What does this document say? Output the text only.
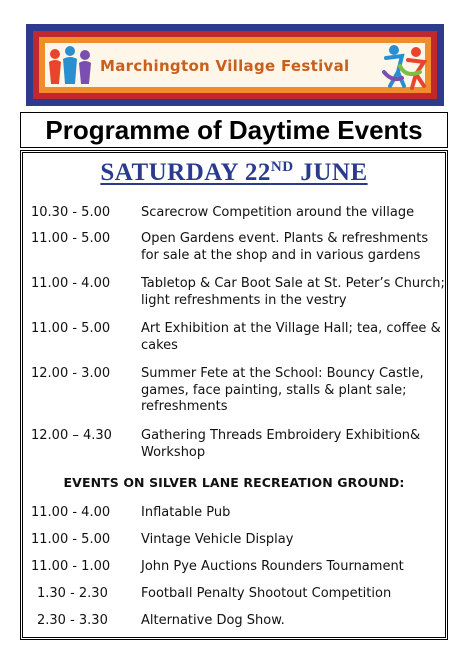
Marchington Village Festival
Programme of Daytime Events
SATURDAY 22ND JUNE
10.30 - 5.00	Scarecrow Competition around the village
11.00 - 5.00	Open Gardens event. Plants & refreshments for sale at the shop and in various gardens
11.00 - 4.00	Tabletop & Car Boot Sale at St. Peter’s Church; light refreshments in the vestry
11.00 - 5.00	Art Exhibition at the Village Hall; tea, coffee & cakes
12.00 - 3.00	Summer Fete at the School: Bouncy Castle, games, face painting, stalls & plant sale; refreshments
12.00 – 4.30	Gathering Threads Embroidery Exhibition& Workshop
EVENTS ON SILVER LANE RECREATION GROUND:
11.00 - 4.00	Inflatable Pub
11.00 - 5.00	Vintage Vehicle Display
11.00 - 1.00	John Pye Auctions Rounders Tournament
1.30 - 2.30	Football Penalty Shootout Competition
2.30 - 3.30	Alternative Dog Show.
